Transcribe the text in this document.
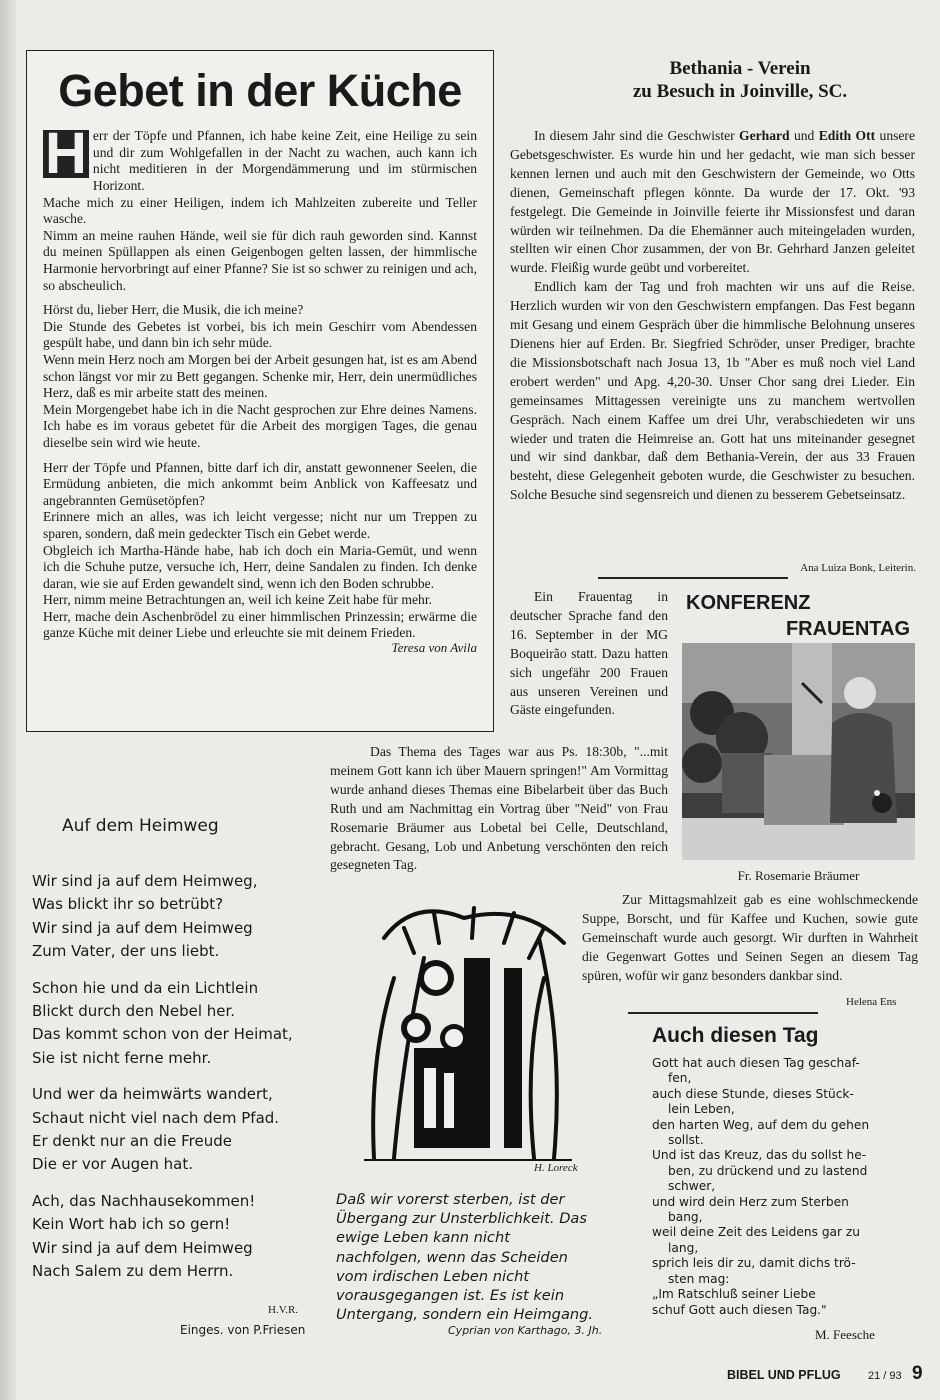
Gebet in der Küche

H err der Töpfe und Pfannen, ich habe keine Zeit, eine Heilige zu sein und dir zum Wohlgefallen in der Nacht zu wachen, auch kann ich nicht meditieren in der Morgendämmerung und im stürmischen Horizont.

Mache mich zu einer Heiligen, indem ich Mahlzeiten zubereite und Teller wasche.

Nimm an meine rauhen Hände, weil sie für dich rauh geworden sind. Kannst du meinen Spüllappen als einen Geigenbogen gelten lassen, der himmlische Harmonie hervorbringt auf einer Pfanne? Sie ist so schwer zu reinigen und ach, so abscheulich.

Hörst du, lieber Herr, die Musik, die ich meine?

Die Stunde des Gebetes ist vorbei, bis ich mein Geschirr vom Abendessen gespült habe, und dann bin ich sehr müde.

Wenn mein Herz noch am Morgen bei der Arbeit gesungen hat, ist es am Abend schon längst vor mir zu Bett gegangen. Schenke mir, Herr, dein unermüdliches Herz, daß es mir arbeite statt des meinen.

Mein Morgengebet habe ich in die Nacht gesprochen zur Ehre deines Namens. Ich habe es im voraus gebetet für die Arbeit des morgigen Tages, die genau dieselbe sein wird wie heute.

Herr der Töpfe und Pfannen, bitte darf ich dir, anstatt gewonnener Seelen, die Ermüdung anbieten, die mich ankommt beim Anblick von Kaffeesatz und angebrannten Gemüsetöpfen?

Erinnere mich an alles, was ich leicht vergesse; nicht nur um Treppen zu sparen, sondern, daß mein gedeckter Tisch ein Gebet werde.

Obgleich ich Martha-Hände habe, hab ich doch ein Maria-Gemüt, und wenn ich die Schuhe putze, versuche ich, Herr, deine Sandalen zu finden. Ich denke daran, wie sie auf Erden gewandelt sind, wenn ich den Boden schrubbe.

Herr, nimm meine Betrachtungen an, weil ich keine Zeit habe für mehr.

Herr, mache dein Aschenbrödel zu einer himmlischen Prinzessin; erwärme die ganze Küche mit deiner Liebe und erleuchte sie mit deinem Frieden.

Teresa von Avila
Bethania - Verein
zu Besuch in Joinville, SC.

In diesem Jahr sind die Geschwister Gerhard und Edith Ott unsere Gebetsgeschwister. Es wurde hin und her gedacht, wie man sich besser kennen lernen und auch mit den Geschwistern der Gemeinde, wo Otts dienen, Gemeinschaft pflegen könnte. Da wurde der 17. Okt. '93 festgelegt. Die Gemeinde in Joinville feierte ihr Missionsfest und daran würden wir teilnehmen. Da die Ehemänner auch miteingeladen wurden, stellten wir einen Chor zusammen, der von Br. Gehrhard Janzen geleitet wurde. Fleißig wurde geübt und vorbereitet.

Endlich kam der Tag und froh machten wir uns auf die Reise. Herzlich wurden wir von den Geschwistern empfangen. Das Fest begann mit Gesang und einem Gespräch über die himmlische Belohnung unseres Dienens hier auf Erden. Br. Siegfried Schröder, unser Prediger, brachte die Missionsbotschaft nach Josua 13, 1b "Aber es muß noch viel Land erobert werden" und Apg. 4,20-30. Unser Chor sang drei Lieder. Ein gemeinsames Mittagessen vereinigte uns zu manchem wertvollen Gespräch. Nach einem Kaffee um drei Uhr, verabschiedeten wir uns wieder und traten die Heimreise an. Gott hat uns miteinander gesegnet und wir sind dankbar, daß dem Bethania-Verein, der aus 33 Frauen besteht, diese Gelegenheit geboten wurde, die Geschwister zu besuchen. Solche Besuche sind segensreich und dienen zu besserem Gebetseinsatz.

Ana Luiza Bonk, Leiterin.

Ein Frauentag in deutscher Sprache fand den 16. September in der MG Boqueirão statt. Dazu hatten sich ungefähr 200 Frauen aus unseren Vereinen und Gäste eingefunden.

KONFERENZ
FRAUENTAG
Fr. Rosemarie Bräumer

Das Thema des Tages war aus Ps. 18:30b, "...mit meinem Gott kann ich über Mauern springen!" Am Vormittag wurde anhand dieses Themas eine Bibelarbeit über das Buch Ruth und am Nachmittag ein Vortrag über "Neid" von Frau Rosemarie Bräumer aus Lobetal bei Celle, Deutschland, gebracht. Gesang, Lob und Anbetung verschönten den reich gesegneten Tag.

Zur Mittagsmahlzeit gab es eine wohlschmeckende Suppe, Borscht, und für Kaffee und Kuchen, sowie gute Gemeinschaft wurde auch gesorgt. Wir durften in Wahrheit die Gegenwart Gottes und Seinen Segen an diesem Tag spüren, wofür wir ganz besonders dankbar sind.

Helena Ens
Auf dem Heimweg
Wir sind ja auf dem Heimweg,
Was blickt ihr so betrübt?
Wir sind ja auf dem Heimweg
Zum Vater, der uns liebt.
Schon hie und da ein Lichtlein
Blickt durch den Nebel her.
Das kommt schon von der Heimat,
Sie ist nicht ferne mehr.
Und wer da heimwärts wandert,
Schaut nicht viel nach dem Pfad.
Er denkt nur an die Freude
Die er vor Augen hat.
Ach, das Nachhausekommen!
Kein Wort hab ich so gern!
Wir sind ja auf dem Heimweg
Nach Salem zu dem Herrn.
H.V.R.
Einges. von P.Friesen
H. Loreck
Daß wir vorerst sterben, ist der Übergang zur Unsterblichkeit. Das ewige Leben kann nicht nachfolgen, wenn das Scheiden vom irdischen Leben nicht vorausgegangen ist. Es ist kein Untergang, sondern ein Heimgang.
Cyprian von Karthago, 3. Jh.
Auch diesen Tag
Gott hat auch diesen Tag geschaf-
fen,
auch diese Stunde, dieses Stück-
lein Leben,
den harten Weg, auf dem du gehen
sollst.
Und ist das Kreuz, das du sollst he-
ben, zu drückend und zu lastend
schwer,
und wird dein Herz zum Sterben
bang,
weil deine Zeit des Leidens gar zu
lang,
sprich leis dir zu, damit dichs trö-
sten mag:
„Im Ratschluß seiner Liebe
schuf Gott auch diesen Tag."
M. Feesche
BIBEL UND PFLUG 21 / 93 9
